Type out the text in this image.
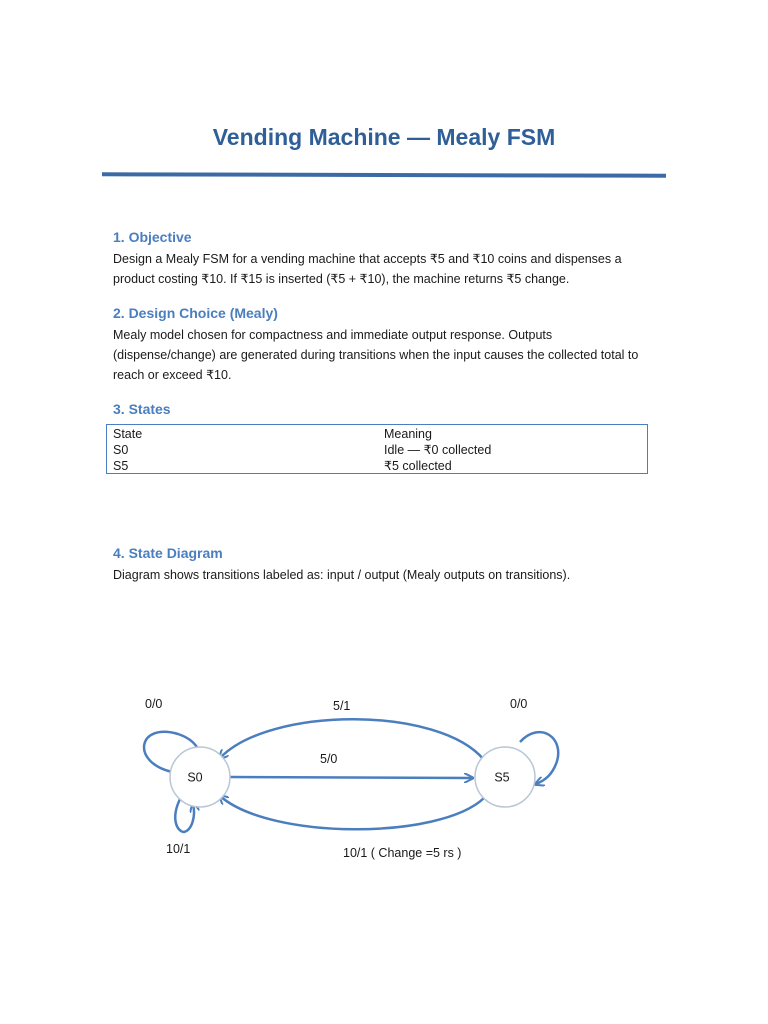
Vending Machine — Mealy FSM
1. Objective

Design a Mealy FSM for a vending machine that accepts ₹5 and ₹10 coins and dispenses a product costing ₹10. If ₹15 is inserted (₹5 + ₹10), the machine returns ₹5 change.

2. Design Choice (Mealy)

Mealy model chosen for compactness and immediate output response. Outputs (dispense/change) are generated during transitions when the input causes the collected total to reach or exceed ₹10.

3. States
State	Meaning
S0	Idle — ₹0 collected
S5	₹5 collected
4. State Diagram

Diagram shows transitions labeled as: input / output (Mealy outputs on transitions).

S0	S5
0/0	5/1	0/0
5/0
10/1	10/1 ( Change =5 rs )
